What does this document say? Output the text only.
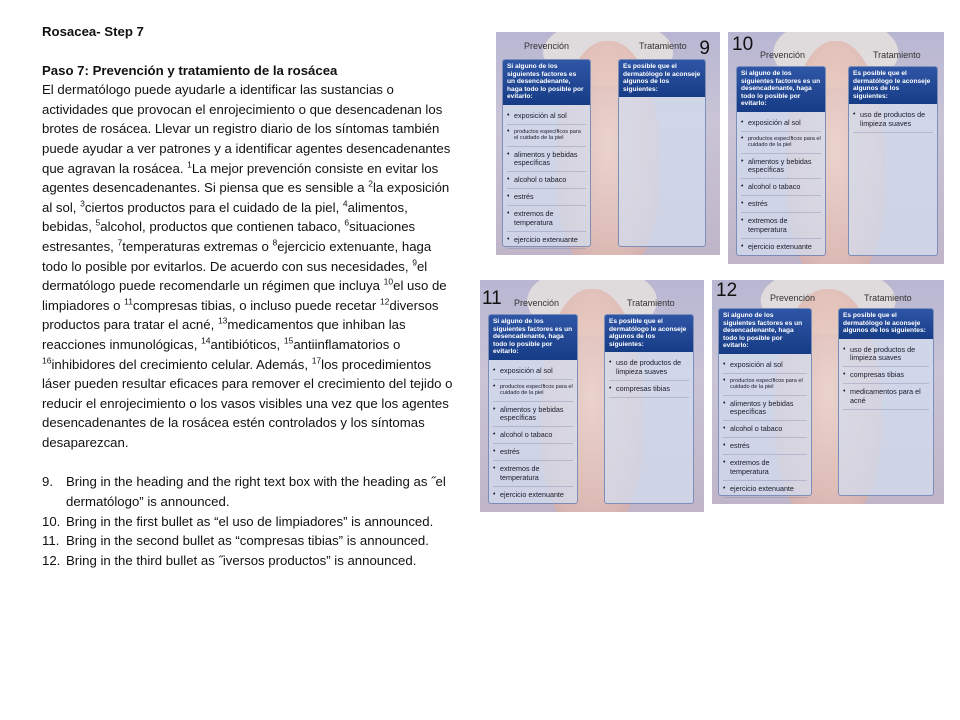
Rosacea- Step 7
Paso 7: Prevención y tratamiento de la rosácea
El dermatólogo puede ayudarle a identificar las sustancias o actividades que provocan el enrojecimiento o que desencadenan los brotes de rosácea. Llevar un registro diario de los síntomas también puede ayudar a ver patrones y a identificar agentes desencadenantes que agravan la rosácea. $^1$La mejor prevención consiste en evitar los agentes desencadenantes. Si piensa que es sensible a $^2$la exposición al sol, $^3$ciertos productos para el cuidado de la piel, $^4$alimentos, bebidas, $^5$alcohol, productos que contienen tabaco, $^6$situaciones estresantes, $^7$temperaturas extremas o $^8$ejercicio extenuante, haga todo lo posible por evitarlos. De acuerdo con sus necesidades, $^9$el dermatólogo puede recomendarle un régimen que incluya $^{10}$el uso de limpiadores o $^{11}$compresas tibias, o incluso puede recetar $^{12}$diversos productos para tratar el acné, $^{13}$medicamentos que inhiban las reacciones inmunológicas, $^{14}$antibióticos, $^{15}$antiinflamatorios o $^{16}$inhibidores del crecimiento celular. Además, $^{17}$los procedimientos láser pueden resultar eficaces para remover el crecimiento del tejido o reducir el enrojecimiento o los vasos visibles una vez que los agentes desencadenantes de la rosácea estén controlados y los síntomas desaparezcan.
9. Bring in the heading and the right text box with the heading as ˝el dermatólogo” is announced.
10. Bring in the first bullet as “el uso de limpiadores” is announced.
11. Bring in the second bullet as “compresas tibias” is announced.
12. Bring in the third bullet as ˝iversos productos” is announced.
9
Prevención	Tratamiento
Si alguno de los siguientes factores es un desencadenante, haga todo lo posible por evitarlo:
• exposición al sol
• productos específicos para el cuidado de la piel
• alimentos y bebidas específicas
• alcohol o tabaco
• estrés
• extremos de temperatura
• ejercicio extenuante
Es posible que el dermatólogo le aconseje algunos de los siguientes:
10 Prevención	Tratamiento
Si alguno de los siguientes factores es un desencadenante, haga todo lo posible por evitarlo:
• exposición al sol
• productos específicos para el cuidado de la piel
• alimentos y bebidas específicas
• alcohol o tabaco
• estrés
• extremos de temperatura
• ejercicio extenuante
Es posible que el dermatólogo le aconseje algunos de los siguientes:
• uso de productos de limpieza suaves
11 Prevención	Tratamiento
Si alguno de los siguientes factores es un desencadenante, haga todo lo posible por evitarlo:
• exposición al sol
• productos específicos para el cuidado de la piel
• alimentos y bebidas específicas
• alcohol o tabaco
• estrés
• extremos de temperatura
• ejercicio extenuante
Es posible que el dermatólogo le aconseje algunos de los siguientes:
• uso de productos de limpieza suaves
• compresas tibias
12	Prevención	Tratamiento
Si alguno de los siguientes factores es un desencadenante, haga todo lo posible por evitarlo:
• exposición al sol
• productos específicos para el cuidado de la piel
• alimentos y bebidas específicas
• alcohol o tabaco
• estrés
• extremos de temperatura
• ejercicio extenuante
Es posible que el dermatólogo le aconseje algunos de los siguientes:
• uso de productos de limpieza suaves
• compresas tibias
• medicamentos para el acné
